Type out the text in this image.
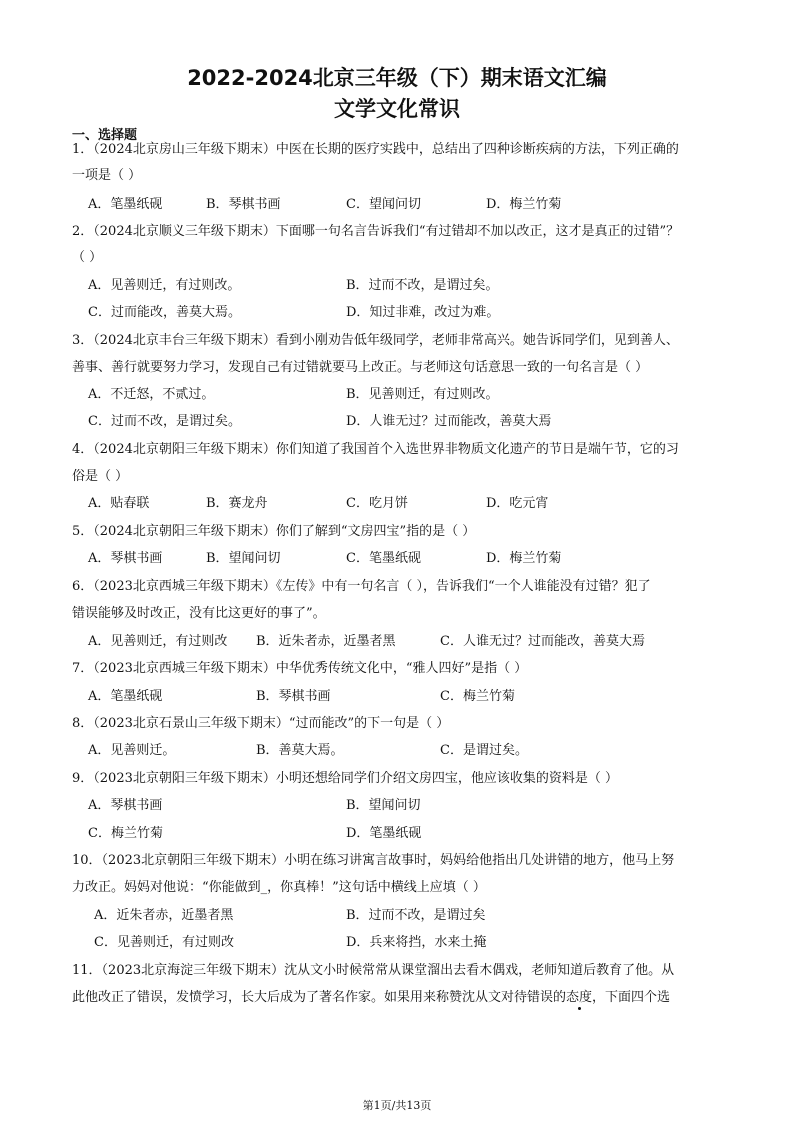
2022-2024北京三年级（下）期末语文汇编
文学文化常识
一、选择题
1．（2024北京房山三年级下期末）中医在长期的医疗实践中，总结出了四种诊断疾病的方法，下列正确的
一项是（ ）
A．笔墨纸砚	B．琴棋书画	C．望闻问切	D．梅兰竹菊
2．（2024北京顺义三年级下期末）下面哪一句名言告诉我们“有过错却不加以改正，这才是真正的过错”？
（ ）
A．见善则迁，有过则改。	B．过而不改，是谓过矣。
C．过而能改，善莫大焉。	D．知过非难，改过为难。
3．（2024北京丰台三年级下期末）看到小刚劝告低年级同学，老师非常高兴。她告诉同学们，见到善人、
善事、善行就要努力学习，发现自己有过错就要马上改正。与老师这句话意思一致的一句名言是（ ）
A．不迁怒，不贰过。	B．见善则迁，有过则改。
C．过而不改，是谓过矣。	D．人谁无过？过而能改，善莫大焉
4．（2024北京朝阳三年级下期末）你们知道了我国首个入选世界非物质文化遗产的节日是端午节，它的习
俗是（ ）
A．贴春联	B．赛龙舟	C．吃月饼	D．吃元宵
5．（2024北京朝阳三年级下期末）你们了解到“文房四宝”指的是（ ）
A．琴棋书画	B．望闻问切	C．笔墨纸砚	D．梅兰竹菊
6．（2023北京西城三年级下期末）《左传》中有一句名言（ ），告诉我们“一个人谁能没有过错？犯了
错误能够及时改正，没有比这更好的事了”。
A．见善则迁，有过则改 B．近朱者赤，近墨者黑	C．人谁无过？过而能改，善莫大焉
7．（2023北京西城三年级下期末）中华优秀传统文化中，“雅人四好”是指（ ）
A．笔墨纸砚	B．琴棋书画	C．梅兰竹菊
8．（2023北京石景山三年级下期末）“过而能改”的下一句是（ ）
A．见善则迁。	B．善莫大焉。	C．是谓过矣。
9．（2023北京朝阳三年级下期末）小明还想给同学们介绍文房四宝，他应该收集的资料是（ ）
A．琴棋书画	B．望闻问切
C．梅兰竹菊	D．笔墨纸砚
10．（2023北京朝阳三年级下期末）小明在练习讲寓言故事时，妈妈给他指出几处讲错的地方，他马上努
力改正。妈妈对他说：“你能做到_，你真棒！”这句话中横线上应填（ ）
A．近朱者赤，近墨者黑	B．过而不改，是谓过矣
C．见善则迁，有过则改	D．兵来将挡，水来土掩
11．（2023北京海淀三年级下期末）沈从文小时候常常从课堂溜出去看木偶戏，老师知道后教育了他。从
此他改正了错误，发愤学习，长大后成为了著名作家。如果用来称赞沈从文对待错误的态度，下面四个选
第1页/共13页
